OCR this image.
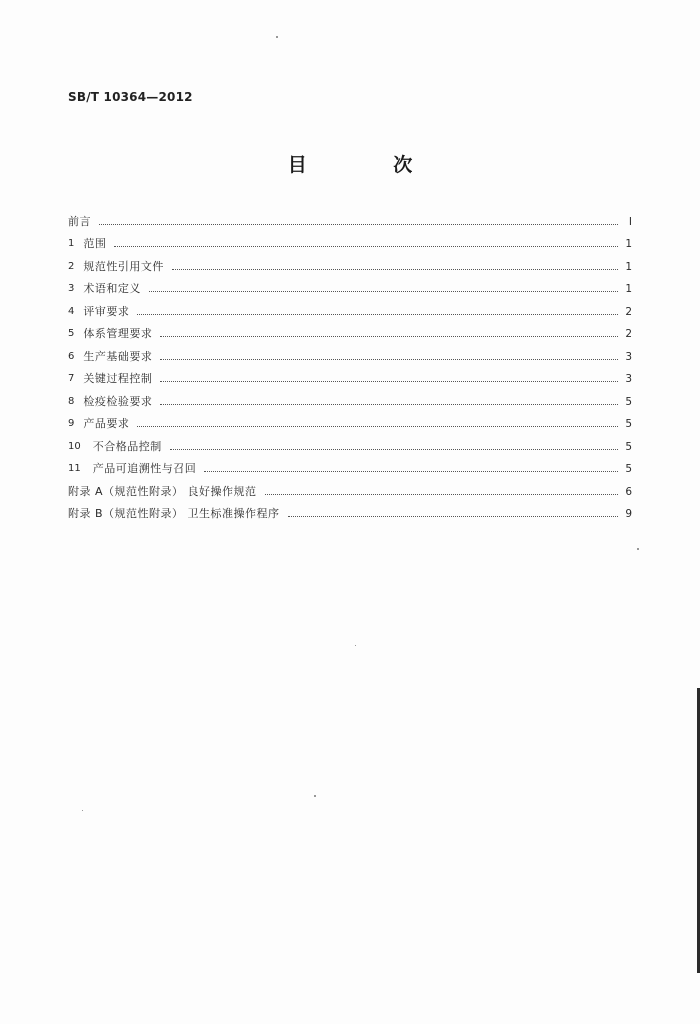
SB/T 10364—2012
目 次
前言	I
1 范围	1
2 规范性引用文件	1
3 术语和定义	1
4 评审要求	2
5 体系管理要求	2
6 生产基础要求	3
7 关键过程控制	3
8 检疫检验要求	5
9 产品要求	5
10 不合格品控制	5
11 产品可追溯性与召回	5
附录 A（规范性附录） 良好操作规范	6
附录 B（规范性附录） 卫生标准操作程序	9
